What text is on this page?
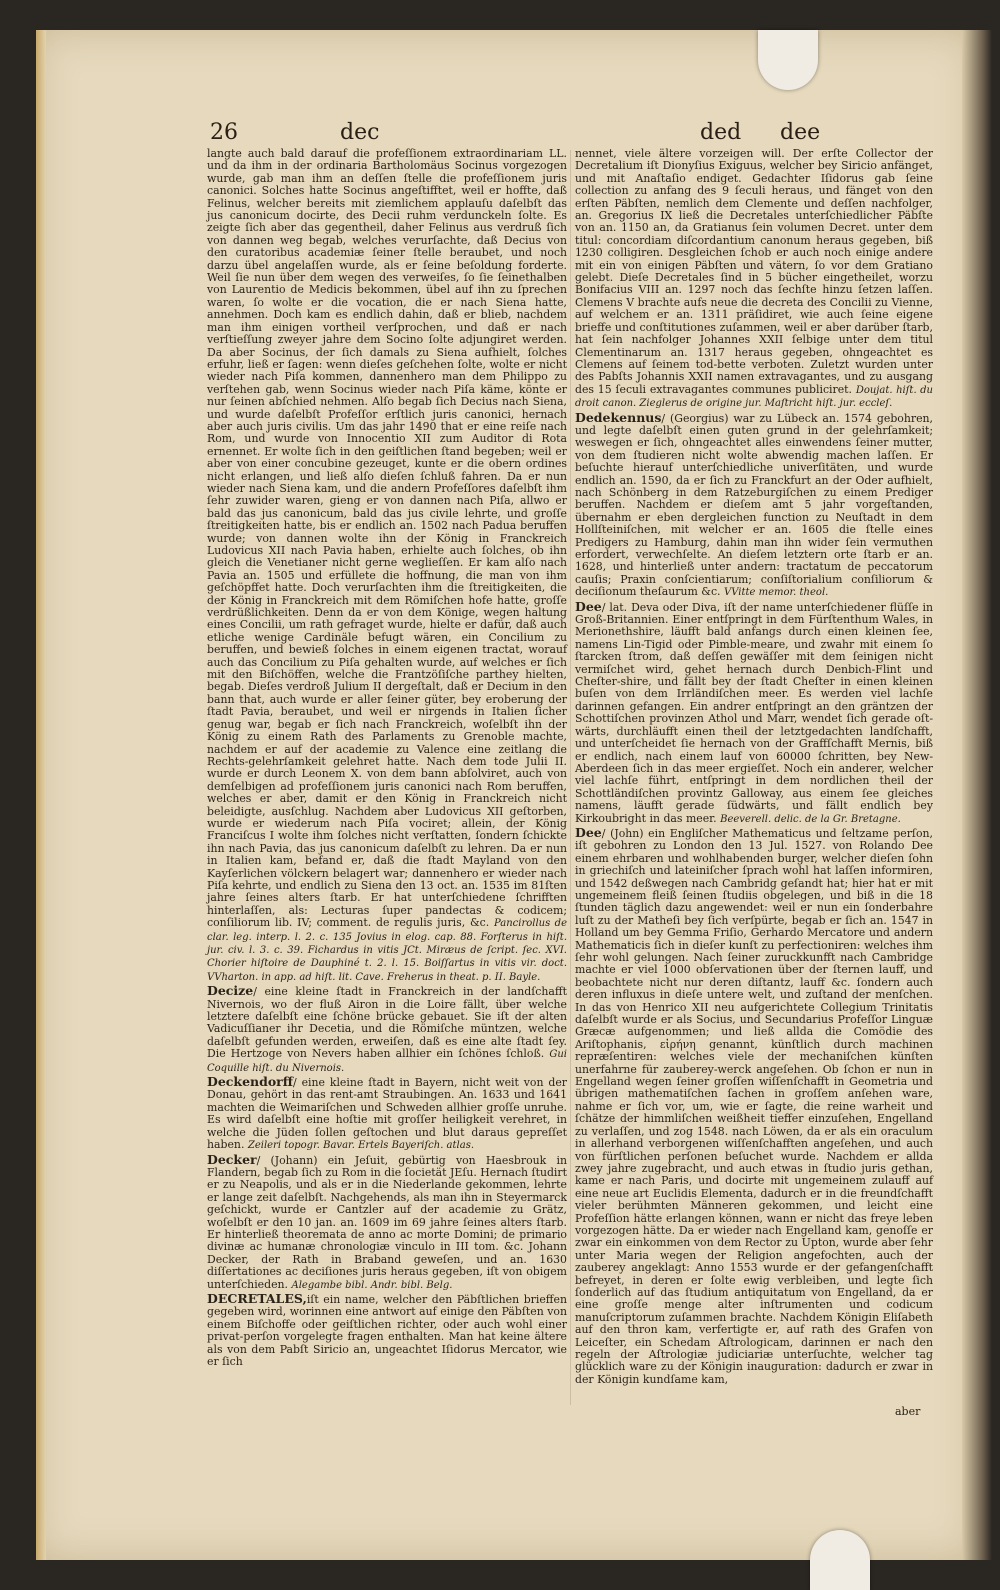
26	dec	ded dee

langte auch bald darauf die profeſſionem extraordinariam LL. und da ihm in der ordinaria Bartholomäus Socinus vorgezogen wurde, gab man ihm an deſſen ſtelle die profeſſionem juris canonici. Solches hatte Socinus angeſtifftet, weil er hoffte, daß Felinus, welcher bereits mit ziemlichem applauſu daſelbſt das jus canonicum docirte, des Decii ruhm verdunckeln ſolte. Es zeigte ſich aber das gegentheil, daher Felinus aus verdruß ſich von dannen weg begab, welches verurſachte, daß Decius von den curatoribus academiæ ſeiner ſtelle beraubet, und noch darzu übel angelaſſen wurde, als er ſeine beſoldung forderte. Weil ſie nun über dem wegen des verweiſes, ſo ſie ſeinethalben von Laurentio de Medicis bekommen, übel auf ihn zu ſprechen waren, ſo wolte er die vocation, die er nach Siena hatte, annehmen. Doch kam es endlich dahin, daß er blieb, nachdem man ihm einigen vortheil verſprochen, und daß er nach verſtieſſung zweyer jahre dem Socino ſolte adjungiret werden. Da aber Socinus, der ſich damals zu Siena aufhielt, ſolches erfuhr, ließ er ſagen: wenn dieſes geſchehen ſolte, wolte er nicht wieder nach Piſa kommen, dannenhero man dem Philippo zu verſtehen gab, wenn Socinus wieder nach Piſa käme, könte er nur ſeinen abſchied nehmen. Alſo begab ſich Decius nach Siena, und wurde daſelbſt Profeſſor erſtlich juris canonici, hernach aber auch juris civilis. Um das jahr 1490 that er eine reiſe nach Rom, und wurde von Innocentio XII zum Auditor di Rota ernennet. Er wolte ſich in den geiſtlichen ſtand begeben; weil er aber von einer concubine gezeuget, kunte er die obern ordines nicht erlangen, und ließ alſo dieſen ſchluß fahren. Da er nun wieder nach Siena kam, und die andern Profeſſores daſelbſt ihm ſehr zuwider waren, gieng er von dannen nach Piſa, allwo er bald das jus canonicum, bald das jus civile lehrte, und groſſe ſtreitigkeiten hatte, bis er endlich an. 1502 nach Padua beruffen wurde; von dannen wolte ihn der König in Franckreich Ludovicus XII nach Pavia haben, erhielte auch ſolches, ob ihn gleich die Venetianer nicht gerne weglieſſen. Er kam alſo nach Pavia an. 1505 und erfüllete die hoffnung, die man von ihm geſchöpffet hatte. Doch verurſachten ihm die ſtreitigkeiten, die der König in Franckreich mit dem Römiſchen hofe hatte, groſſe verdrüßlichkeiten. Denn da er von dem Könige, wegen haltung eines Concilii, um rath gefraget wurde, hielte er dafür, daß auch etliche wenige Cardinäle befugt wären, ein Concilium zu beruffen, und bewieß ſolches in einem eigenen tractat, worauf auch das Concilium zu Piſa gehalten wurde, auf welches er ſich mit den Biſchöffen, welche die Frantzöſiſche parthey hielten, begab. Dieſes verdroß Julium II dergeſtalt, daß er Decium in den bann that, auch wurde er aller ſeiner güter, bey eroberung der ſtadt Pavia, beraubet, und weil er nirgends in Italien ſicher genug war, begab er ſich nach Franckreich, woſelbſt ihn der König zu einem Rath des Parlaments zu Grenoble machte, nachdem er auf der academie zu Valence eine zeitlang die Rechts-gelehrſamkeit gelehret hatte. Nach dem tode Julii II. wurde er durch Leonem X. von dem bann abſolviret, auch von demſelbigen ad profeſſionem juris canonici nach Rom beruffen, welches er aber, damit er den König in Franckreich nicht beleidigte, ausſchlug. Nachdem aber Ludovicus XII geſtorben, wurde er wiederum nach Piſa vociret; allein, der König Franciſcus I wolte ihm ſolches nicht verſtatten, ſondern ſchickte ihn nach Pavia, das jus canonicum daſelbſt zu lehren. Da er nun in Italien kam, befand er, daß die ſtadt Mayland von den Kayſerlichen völckern belagert war; dannenhero er wieder nach Piſa kehrte, und endlich zu Siena den 13 oct. an. 1535 im 81ſten jahre ſeines alters ſtarb. Er hat unterſchiedene ſchrifften hinterlaſſen, als: Lecturas ſuper pandectas & codicem; conſiliorum lib. IV; comment. de regulis juris, &c. Pancirollus de clar. leg. interp. l. 2. c. 135 Jovius in elog. cap. 88. Forſterus in hiſt. jur. civ. l. 3. c. 39. Fichardus in vitis JCt. Miræus de ſcript. ſec. XVI. Chorier hiſtoire de Dauphiné t. 2. l. 15. Boiſſartus in vitis vir. doct. VVharton. in app. ad hiſt. lit. Cave. Freherus in theat. p. II. Bayle.

Decize/ eine kleine ſtadt in Franckreich in der landſchafft Nivernois, wo der fluß Airon in die Loire fällt, über welche letztere daſelbſt eine ſchöne brücke gebauet. Sie iſt der alten Vadicuſſianer ihr Decetia, und die Römiſche müntzen, welche daſelbſt gefunden werden, erweiſen, daß es eine alte ſtadt ſey. Die Hertzoge von Nevers haben allhier ein ſchönes ſchloß. Gui Coquille hiſt. du Nivernois.

Deckendorff/ eine kleine ſtadt in Bayern, nicht weit von der Donau, gehört in das rent-amt Straubingen. An. 1633 und 1641 machten die Weimariſchen und Schweden allhier groſſe unruhe. Es wird daſelbſt eine hoſtie mit groſſer heiligkeit verehret, in welche die Jüden ſollen geſtochen und blut daraus gepreſſet haben. Zeileri topogr. Bavar. Ertels Bayeriſch. atlas.

Decker/ (Johann) ein Jeſuit, gebürtig von Haesbrouk in Flandern, begab ſich zu Rom in die ſocietät JEſu. Hernach ſtudirt er zu Neapolis, und als er in die Niederlande gekommen, lehrte er lange zeit daſelbſt. Nachgehends, als man ihn in Steyermarck geſchickt, wurde er Cantzler auf der academie zu Grätz, woſelbſt er den 10 jan. an. 1609 im 69 jahre ſeines alters ſtarb. Er hinterließ theoremata de anno ac morte Domini; de primario divinæ ac humanæ chronologiæ vinculo in III tom. &c. Johann Decker, der Rath in Braband geweſen, und an. 1630 diſſertationes ac deciſiones juris heraus gegeben, iſt von obigem unterſchieden. Alegambe bibl. Andr. bibl. Belg.

DECRETALES,iſt ein name, welcher den Päbſtlichen brieffen gegeben wird, worinnen eine antwort auf einige den Päbſten von einem Biſchoffe oder geiſtlichen richter, oder auch wohl einer privat-perſon vorgelegte fragen enthalten. Man hat keine ältere als von dem Pabſt Siricio an, ungeachtet Iſidorus Mercator, wie er ſich

nennet, viele ältere vorzeigen will. Der erſte Collector der Decretalium iſt Dionyſius Exiguus, welcher bey Siricio anfänget, und mit Anaſtaſio endiget. Gedachter Iſidorus gab ſeine collection zu anfang des 9 ſeculi heraus, und fänget von den erſten Päbſten, nemlich dem Clemente und deſſen nachfolger, an. Gregorius IX ließ die Decretales unterſchiedlicher Päbſte von an. 1150 an, da Gratianus ſein volumen Decret. unter dem titul: concordiam diſcordantium canonum heraus gegeben, biß 1230 colligiren. Desgleichen ſchob er auch noch einige andere mit ein von einigen Päbſten und vätern, ſo vor dem Gratiano gelebt. Dieſe Decretales ſind in 5 bücher eingetheilet, worzu Bonifacius VIII an. 1297 noch das ſechſte hinzu ſetzen laſſen. Clemens V brachte aufs neue die decreta des Concilii zu Vienne, auf welchem er an. 1311 präſidiret, wie auch ſeine eigene brieffe und conſtitutiones zuſammen, weil er aber darüber ſtarb, hat ſein nachfolger Johannes XXII ſelbige unter dem titul Clementinarum an. 1317 heraus gegeben, ohngeachtet es Clemens auf ſeinem tod-bette verboten. Zuletzt wurden unter des Pabſts Johannis XXII namen extravagantes, und zu ausgang des 15 ſeculi extravagantes communes publiciret. Doujat. hiſt. du droit canon. Zieglerus de origine jur. Maſtricht hiſt. jur. eccleſ.

Dedekennus/ (Georgius) war zu Lübeck an. 1574 gebohren, und legte daſelbſt einen guten grund in der gelehrſamkeit; weswegen er ſich, ohngeachtet alles einwendens ſeiner mutter, von dem ſtudieren nicht wolte abwendig machen laſſen. Er beſuchte hierauf unterſchiedliche univerſitäten, und wurde endlich an. 1590, da er ſich zu Franckfurt an der Oder aufhielt, nach Schönberg in dem Ratzeburgiſchen zu einem Prediger beruffen. Nachdem er dieſem amt 5 jahr vorgeſtanden, übernahm er eben dergleichen function zu Neuſtadt in dem Hollſteiniſchen, mit welcher er an. 1605 die ſtelle eines Predigers zu Hamburg, dahin man ihn wider ſein vermuthen erfordert, verwechſelte. An dieſem letztern orte ſtarb er an. 1628, und hinterließ unter andern: tractatum de peccatorum cauſis; Praxin conſcientiarum; conſiſtorialium conſiliorum & deciſionum theſaurum &c. VVitte memor. theol.

Dee/ lat. Deva oder Diva, iſt der name unterſchiedener flüſſe in Groß-Britannien. Einer entſpringt in dem Fürſtenthum Wales, in Merionethshire, läufft bald anfangs durch einen kleinen ſee, namens Lin-Tigid oder Pimble-meare, und zwahr mit einem ſo ſtarcken ſtrom, daß deſſen gewäſſer mit dem ſeinigen nicht vermiſchet wird, gehet hernach durch Denbich-Flint und Cheſter-shire, und fällt bey der ſtadt Cheſter in einen kleinen buſen von dem Irrländiſchen meer. Es werden viel lachſe darinnen gefangen. Ein andrer entſpringt an den gräntzen der Schottiſchen provinzen Athol und Marr, wendet ſich gerade oſt-wärts, durchläufft einen theil der letztgedachten landſchafft, und unterſcheidet ſie hernach von der Graffſchafft Mernis, biß er endlich, nach einem lauf von 60000 ſchritten, bey New-Aberdeen ſich in das meer ergieſſet. Noch ein anderer, welcher viel lachſe führt, entſpringt in dem nordlichen theil der Schottländiſchen provintz Galloway, aus einem ſee gleiches namens, läufft gerade ſüdwärts, und fällt endlich bey Kirkoubright in das meer. Beeverell. delic. de la Gr. Bretagne.

Dee/ (John) ein Engliſcher Mathematicus und ſeltzame perſon, iſt gebohren zu London den 13 Jul. 1527. von Rolando Dee einem ehrbaren und wohlhabenden burger, welcher dieſen ſohn in griechiſch und lateiniſcher ſprach wohl hat laſſen informiren, und 1542 deßwegen nach Cambridg geſandt hat; hier hat er mit ungemeinem fleiß ſeinen ſtudiis obgelegen, und biß in die 18 ſtunden täglich dazu angewendet: weil er nun ein ſonderbahre luſt zu der Matheſi bey ſich verſpürte, begab er ſich an. 1547 in Holland um bey Gemma Friſio, Gerhardo Mercatore und andern Mathematicis ſich in dieſer kunſt zu perfectioniren: welches ihm ſehr wohl gelungen. Nach ſeiner zuruckkunfft nach Cambridge machte er viel 1000 obſervationen über der ſternen lauff, und beobachtete nicht nur deren diſtantz, lauff &c. ſondern auch deren influxus in dieſe untere welt, und zuſtand der menſchen. In das von Henrico XII neu aufgerichtete Collegium Trinitatis daſelbſt wurde er als Socius, und Secundarius Profeſſor Linguæ Græcæ aufgenommen; und ließ allda die Comödie des Ariſtophanis, εἰρήνη genannt, künſtlich durch machinen repræſentiren: welches viele der mechaniſchen künſten unerfahrne für zauberey-werck angeſehen. Ob ſchon er nun in Engelland wegen ſeiner groſſen wiſſenſchafft in Geometria und übrigen mathematiſchen ſachen in groſſem anſehen ware, nahme er ſich vor, um, wie er ſagte, die reine warheit und ſchätze der himmliſchen weißheit tieffer einzuſehen, Engelland zu verlaſſen, und zog 1548. nach Löwen, da er als ein oraculum in allerhand verborgenen wiſſenſchafften angeſehen, und auch von fürſtlichen perſonen beſuchet wurde. Nachdem er allda zwey jahre zugebracht, und auch etwas in ſtudio juris gethan, kame er nach Paris, und docirte mit ungemeinem zulauff auf eine neue art Euclidis Elementa, dadurch er in die freundſchafft vieler berühmten Männeren gekommen, und leicht eine Profeſſion hätte erlangen können, wann er nicht das freye leben vorgezogen hätte. Da er wieder nach Engelland kam, genoſſe er zwar ein einkommen von dem Rector zu Upton, wurde aber ſehr unter Maria wegen der Religion angefochten, auch der zauberey angeklagt: Anno 1553 wurde er der gefangenſchafft befreyet, in deren er ſolte ewig verbleiben, und legte ſich ſonderlich auf das ſtudium antiquitatum von Engelland, da er eine groſſe menge alter inſtrumenten und codicum manuſcriptorum zuſammen brachte. Nachdem Königin Eliſabeth auf den thron kam, verfertigte er, auf rath des Grafen von Leiceſter, ein Schedam Aſtrologicam, darinnen er nach den regeln der Aſtrologiæ judiciariæ unterſuchte, welcher tag glücklich ware zu der Königin inauguration: dadurch er zwar in der Königin kundſame kam,

aber
